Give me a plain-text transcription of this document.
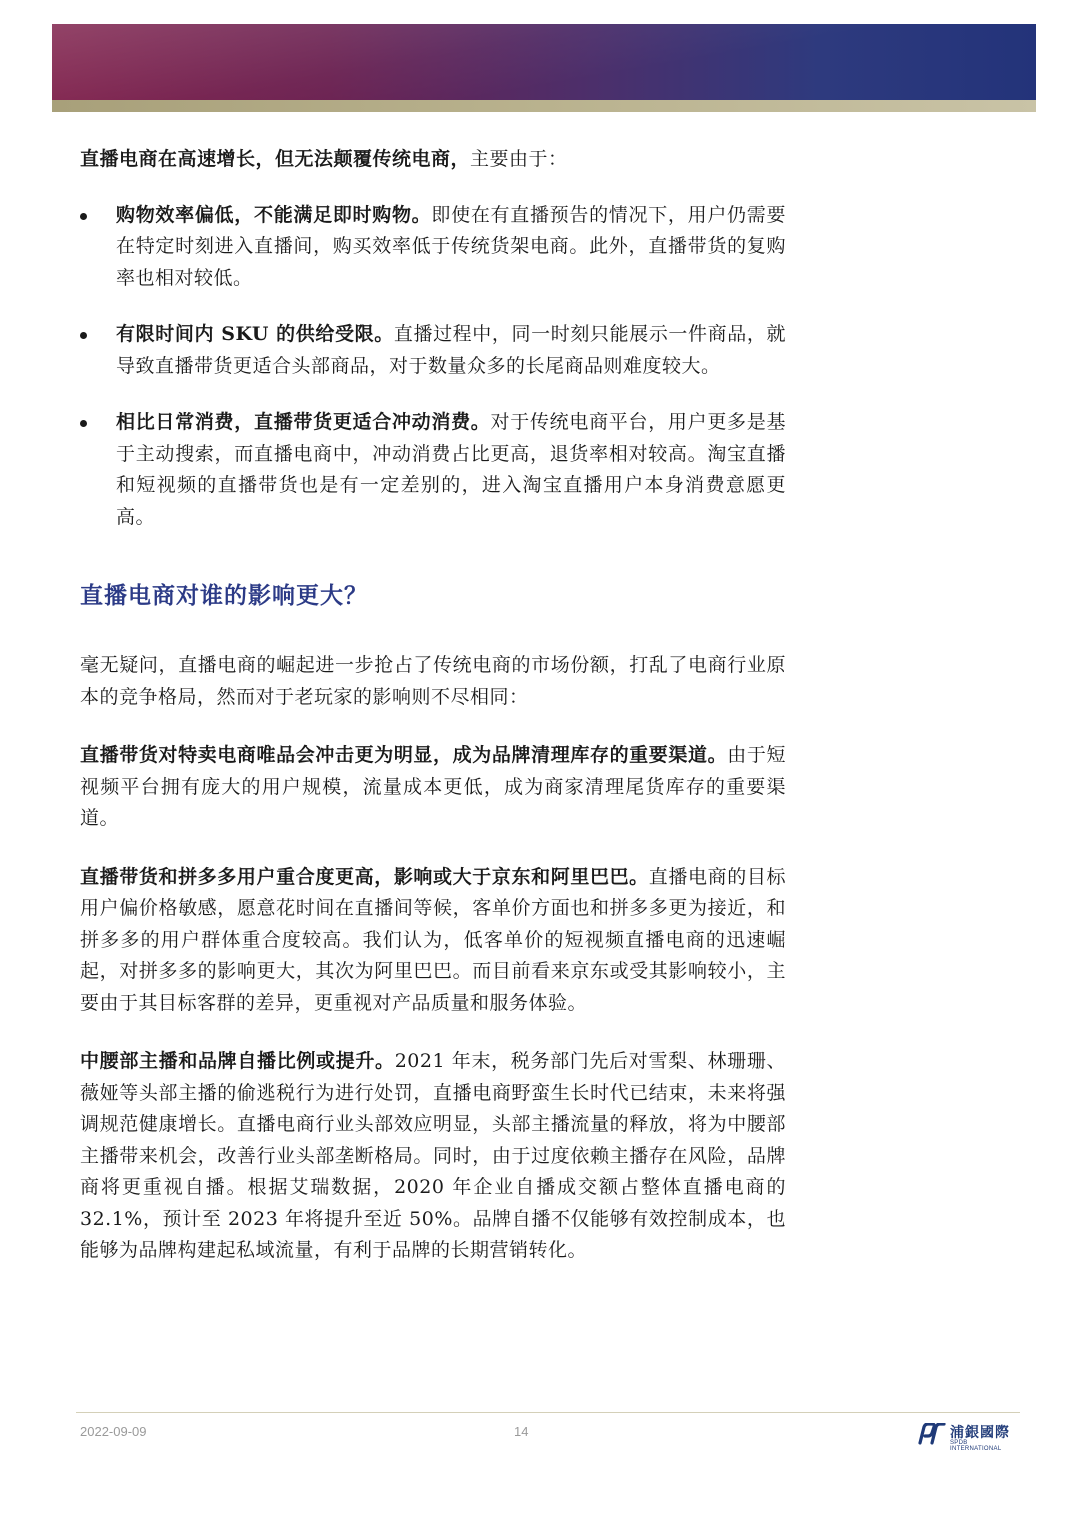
直播电商在高速增长，但无法颠覆传统电商，主要由于：

购物效率偏低，不能满足即时购物。即使在有直播预告的情况下，用户仍需要在特定时刻进入直播间，购买效率低于传统货架电商。此外，直播带货的复购率也相对较低。

有限时间内 SKU 的供给受限。直播过程中，同一时刻只能展示一件商品，就导致直播带货更适合头部商品，对于数量众多的长尾商品则难度较大。

相比日常消费，直播带货更适合冲动消费。对于传统电商平台，用户更多是基于主动搜索，而直播电商中，冲动消费占比更高，退货率相对较高。淘宝直播和短视频的直播带货也是有一定差别的，进入淘宝直播用户本身消费意愿更高。

直播电商对谁的影响更大？

毫无疑问，直播电商的崛起进一步抢占了传统电商的市场份额，打乱了电商行业原本的竞争格局，然而对于老玩家的影响则不尽相同：

直播带货对特卖电商唯品会冲击更为明显，成为品牌清理库存的重要渠道。由于短视频平台拥有庞大的用户规模，流量成本更低，成为商家清理尾货库存的重要渠道。

直播带货和拼多多用户重合度更高，影响或大于京东和阿里巴巴。直播电商的目标用户偏价格敏感，愿意花时间在直播间等候，客单价方面也和拼多多更为接近，和拼多多的用户群体重合度较高。我们认为，低客单价的短视频直播电商的迅速崛起，对拼多多的影响更大，其次为阿里巴巴。而目前看来京东或受其影响较小，主要由于其目标客群的差异，更重视对产品质量和服务体验。

中腰部主播和品牌自播比例或提升。2021 年末，税务部门先后对雪梨、林珊珊、薇娅等头部主播的偷逃税行为进行处罚，直播电商野蛮生长时代已结束，未来将强调规范健康增长。直播电商行业头部效应明显，头部主播流量的释放，将为中腰部主播带来机会，改善行业头部垄断格局。同时，由于过度依赖主播存在风险，品牌商将更重视自播。根据艾瑞数据，2020 年企业自播成交额占整体直播电商的 32.1%，预计至 2023 年将提升至近 50%。品牌自播不仅能够有效控制成本，也能够为品牌构建起私域流量，有利于品牌的长期营销转化。

2022-09-09	14	浦銀國際
SPDB INTERNATIONAL
